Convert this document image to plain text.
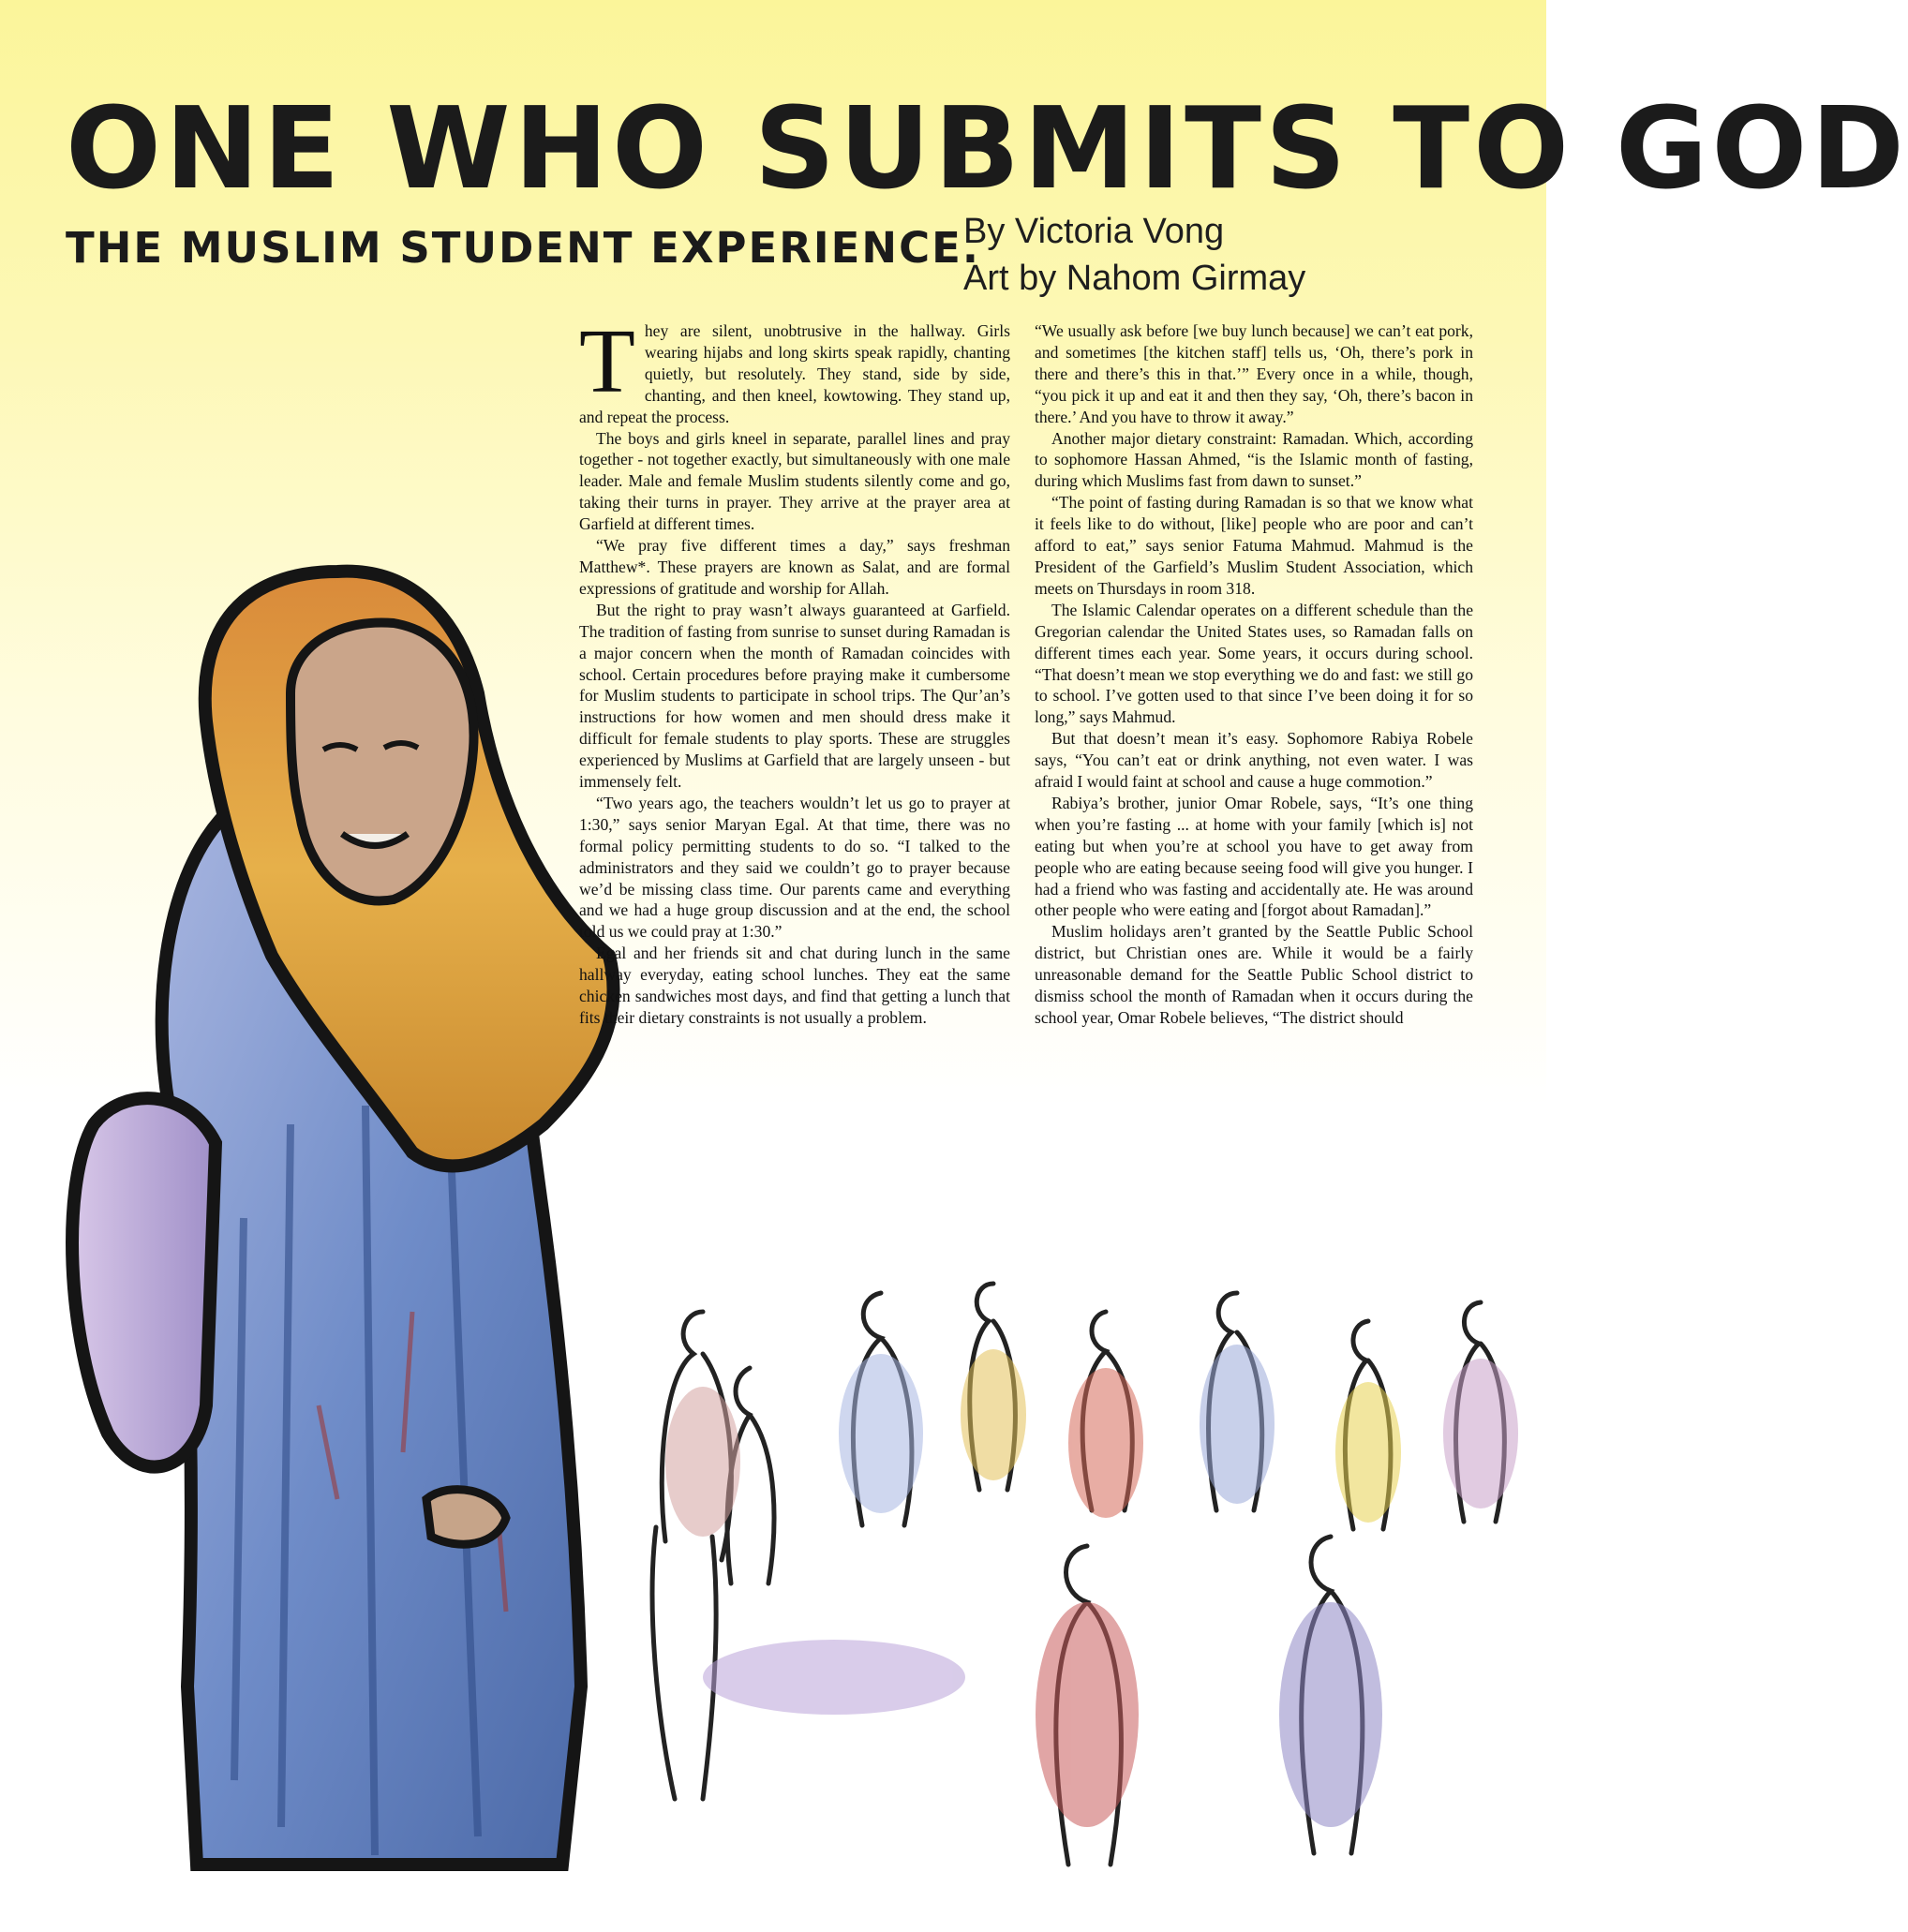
ONE WHO SUBMITS TO GOD
THE MUSLIM STUDENT EXPERIENCE.
By Victoria Vong
Art by Nahom Girmay

They are silent, unobtrusive in the hallway. Girls wearing hijabs and long skirts speak rapidly, chanting quietly, but resolutely. They stand, side by side, chanting, and then kneel, kowtowing. They stand up, and repeat the process.

The boys and girls kneel in separate, parallel lines and pray together - not together exactly, but simultaneously with one male leader. Male and female Muslim students silently come and go, taking their turns in prayer. They arrive at the prayer area at Garfield at different times.

“We pray five different times a day,” says freshman Matthew*. These prayers are known as Salat, and are formal expressions of gratitude and worship for Allah.

But the right to pray wasn’t always guaranteed at Garfield. The tradition of fasting from sunrise to sunset during Ramadan is a major concern when the month of Ramadan coincides with school. Certain procedures before praying make it cumbersome for Muslim students to participate in school trips. The Qur’an’s instructions for how women and men should dress make it difficult for female students to play sports. These are struggles experienced by Muslims at Garfield that are largely unseen - but immensely felt.

“Two years ago, the teachers wouldn’t let us go to prayer at 1:30,” says senior Maryan Egal. At that time, there was no formal policy permitting students to do so. “I talked to the administrators and they said we couldn’t go to prayer because we’d be missing class time. Our parents came and everything and we had a huge group discussion and at the end, the school told us we could pray at 1:30.”

Egal and her friends sit and chat during lunch in the same hallway everyday, eating school lunches. They eat the same chicken sandwiches most days, and find that getting a lunch that fits their dietary constraints is not usually a problem.

“We usually ask before [we buy lunch because] we can’t eat pork, and sometimes [the kitchen staff] tells us, ‘Oh, there’s pork in there and there’s this in that.’” Every once in a while, though, “you pick it up and eat it and then they say, ‘Oh, there’s bacon in there.’ And you have to throw it away.”

Another major dietary constraint: Ramadan. Which, according to sophomore Hassan Ahmed, “is the Islamic month of fasting, during which Muslims fast from dawn to sunset.”

“The point of fasting during Ramadan is so that we know what it feels like to do without, [like] people who are poor and can’t afford to eat,” says senior Fatuma Mahmud. Mahmud is the President of the Garfield’s Muslim Student Association, which meets on Thursdays in room 318.

The Islamic Calendar operates on a different schedule than the Gregorian calendar the United States uses, so Ramadan falls on different times each year. Some years, it occurs during school. “That doesn’t mean we stop everything we do and fast: we still go to school. I’ve gotten used to that since I’ve been doing it for so long,” says Mahmud.

But that doesn’t mean it’s easy. Sophomore Rabiya Robele says, “You can’t eat or drink anything, not even water. I was afraid I would faint at school and cause a huge commotion.”

Rabiya’s brother, junior Omar Robele, says, “It’s one thing when you’re fasting ... at home with your family [which is] not eating but when you’re at school you have to get away from people who are eating because seeing food will give you hunger. I had a friend who was fasting and accidentally ate. He was around other people who were eating and [forgot about Ramadan].”

Muslim holidays aren’t granted by the Seattle Public School district, but Christian ones are. While it would be a fairly unreasonable demand for the Seattle Public School district to dismiss school the month of Ramadan when it occurs during the school year, Omar Robele believes, “The district should
